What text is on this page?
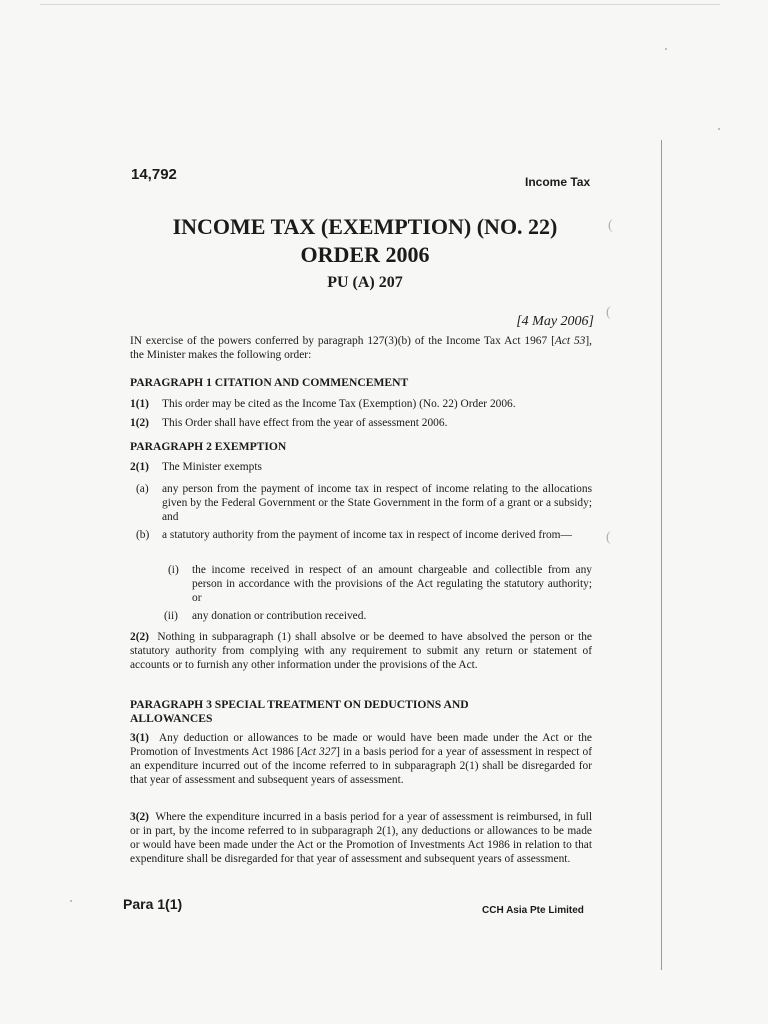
(
(
(
14,792	Income Tax
INCOME TAX (EXEMPTION) (NO. 22)
ORDER 2006
PU (A) 207
[4 May 2006]
IN exercise of the powers conferred by paragraph 127(3)(b) of the Income Tax Act 1967 [Act 53], the Minister makes the following order:
PARAGRAPH 1 CITATION AND COMMENCEMENT
1(1) This order may be cited as the Income Tax (Exemption) (No. 22) Order 2006.
1(2) This Order shall have effect from the year of assessment 2006.
PARAGRAPH 2 EXEMPTION
2(1) The Minister exempts
(a) any person from the payment of income tax in respect of income relating to the allocations given by the Federal Government or the State Government in the form of a grant or a subsidy; and
(b) a statutory authority from the payment of income tax in respect of income derived from—
(i) the income received in respect of an amount chargeable and collectible from any person in accordance with the provisions of the Act regulating the statutory authority; or
(ii) any donation or contribution received.
2(2) Nothing in subparagraph (1) shall absolve or be deemed to have absolved the person or the statutory authority from complying with any requirement to submit any return or statement of accounts or to furnish any other information under the provisions of the Act.
PARAGRAPH 3 SPECIAL TREATMENT ON DEDUCTIONS AND ALLOWANCES
3(1) Any deduction or allowances to be made or would have been made under the Act or the Promotion of Investments Act 1986 [Act 327] in a basis period for a year of assessment in respect of an expenditure incurred out of the income referred to in subparagraph 2(1) shall be disregarded for that year of assessment and subsequent years of assessment.
3(2) Where the expenditure incurred in a basis period for a year of assessment is reimbursed, in full or in part, by the income referred to in subparagraph 2(1), any deductions or allowances to be made or would have been made under the Act or the Promotion of Investments Act 1986 in relation to that expenditure shall be disregarded for that year of assessment and subsequent years of assessment.
Para 1(1)	CCH Asia Pte Limited
